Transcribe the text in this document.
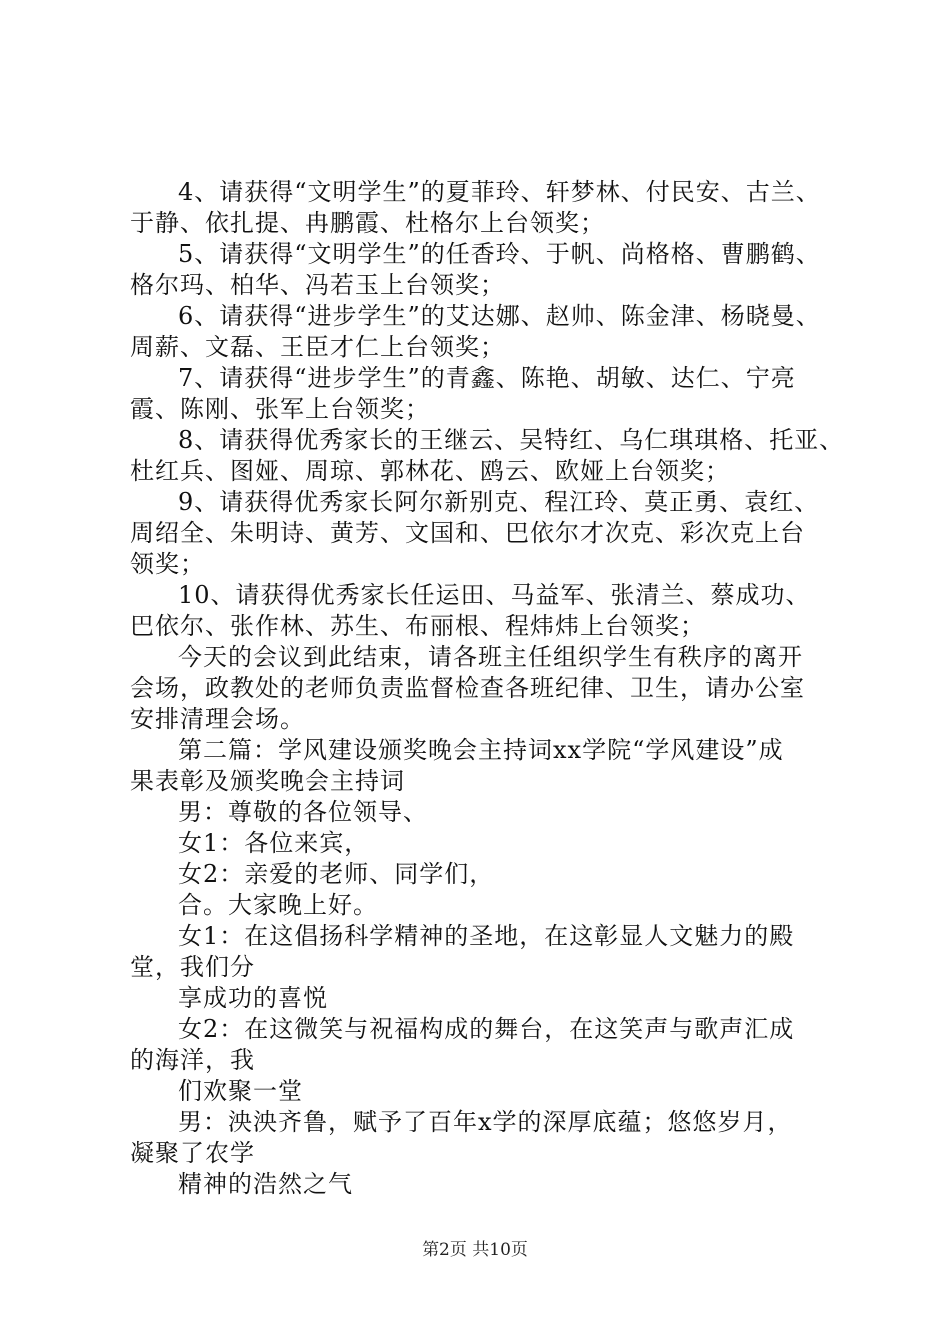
4、请获得“文明学生”的夏菲玲、轩梦林、付民安、古兰、
于静、依扎提、冉鹏霞、杜格尔上台领奖；
5、请获得“文明学生”的任香玲、于帆、尚格格、曹鹏鹤、
格尔玛、柏华、冯若玉上台领奖；
6、请获得“进步学生”的艾达娜、赵帅、陈金津、杨晓曼、
周薪、文磊、王臣才仁上台领奖；
7、请获得“进步学生”的青鑫、陈艳、胡敏、达仁、宁亮
霞、陈刚、张军上台领奖；
8、请获得优秀家长的王继云、吴特红、乌仁琪琪格、托亚、
杜红兵、图娅、周琼、郭林花、鸥云、欧娅上台领奖；
9、请获得优秀家长阿尔新别克、程江玲、莫正勇、袁红、
周绍全、朱明诗、黄芳、文国和、巴依尔才次克、彩次克上台
领奖；
10、请获得优秀家长任运田、马益军、张清兰、蔡成功、
巴依尔、张作林、苏生、布丽根、程炜炜上台领奖；
今天的会议到此结束，请各班主任组织学生有秩序的离开
会场，政教处的老师负责监督检查各班纪律、卫生，请办公室
安排清理会场。
第二篇：学风建设颁奖晚会主持词xx学院“学风建设”成
果表彰及颁奖晚会主持词
男：尊敬的各位领导、
女1：各位来宾，
女2：亲爱的老师、同学们，
合。大家晚上好。
女1：在这倡扬科学精神的圣地，在这彰显人文魅力的殿
堂，我们分
享成功的喜悦
女2：在这微笑与祝福构成的舞台，在这笑声与歌声汇成
的海洋，我
们欢聚一堂
男：泱泱齐鲁，赋予了百年x学的深厚底蕴；悠悠岁月，
凝聚了农学
精神的浩然之气
第2页 共10页
